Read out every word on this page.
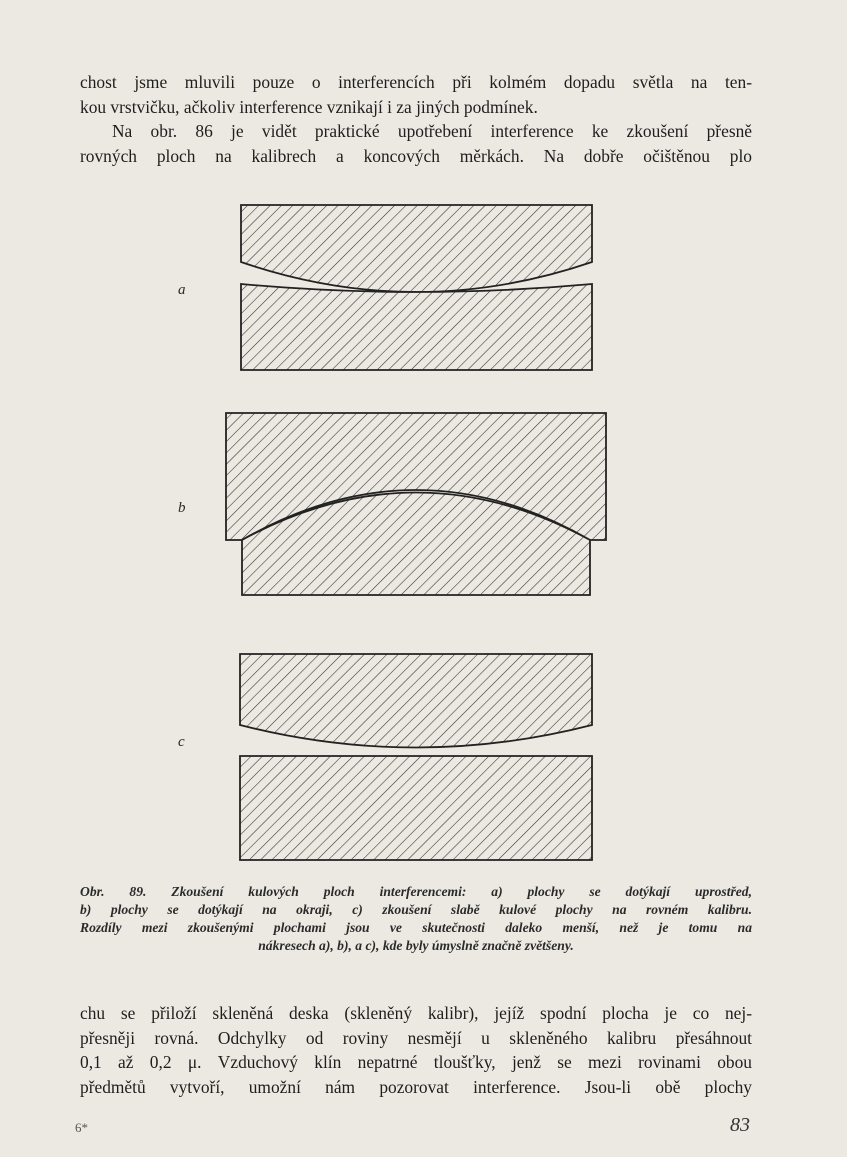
chost jsme mluvili pouze o interferencích při kolmém dopadu světla na ten-
kou vrstvičku, ačkoliv interference vznikají i za jiných podmínek.
Na obr. 86 je vidět praktické upotřebení interference ke zkoušení přesně
rovných ploch na kalibrech a koncových měrkách. Na dobře očištěnou plo
a
b
c
Obr. 89. Zkoušení kulových ploch interferencemi: a) plochy se dotýkají uprostřed,
b) plochy se dotýkají na okraji, c) zkoušení slabě kulové plochy na rovném kalibru.
Rozdíly mezi zkoušenými plochami jsou ve skutečnosti daleko menší, než je tomu na
nákresech a), b), a c), kde byly úmyslně značně zvětšeny.
chu se přiloží skleněná deska (skleněný kalibr), jejíž spodní plocha je co nej-
přesněji rovná. Odchylky od roviny nesmějí u skleněného kalibru přesáhnout
0,1 až 0,2 μ. Vzduchový klín nepatrné tloušťky, jenž se mezi rovinami obou
předmětů vytvoří, umožní nám pozorovat interference. Jsou-li obě plochy
6*	83
